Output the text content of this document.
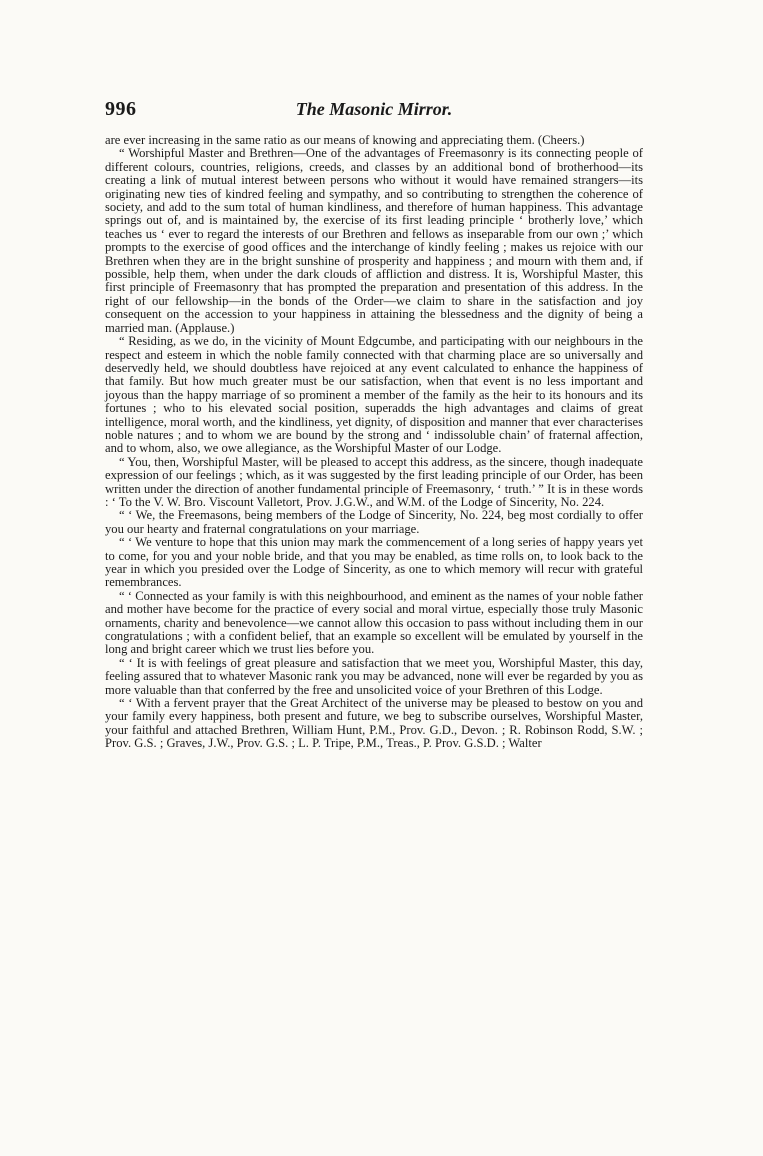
996	The Masonic Mirror.

are ever increasing in the same ratio as our means of knowing and appreciating them. (Cheers.)

“ Worshipful Master and Brethren—One of the advantages of Freemasonry is its connecting people of different colours, countries, religions, creeds, and classes by an additional bond of brotherhood—its creating a link of mutual interest between persons who without it would have remained strangers—its originating new ties of kindred feeling and sympathy, and so contributing to strengthen the coherence of society, and add to the sum total of human kindliness, and therefore of human happiness. This advantage springs out of, and is maintained by, the exercise of its first leading principle ‘ brotherly love,’ which teaches us ‘ ever to regard the interests of our Brethren and fellows as inseparable from our own ;’ which prompts to the exercise of good offices and the interchange of kindly feeling ; makes us rejoice with our Brethren when they are in the bright sunshine of prosperity and happiness ; and mourn with them and, if possible, help them, when under the dark clouds of affliction and distress. It is, Worshipful Master, this first principle of Freemasonry that has prompted the preparation and presentation of this address. In the right of our fellowship—in the bonds of the Order—we claim to share in the satisfaction and joy consequent on the accession to your happiness in attaining the blessedness and the dignity of being a married man. (Applause.)

“ Residing, as we do, in the vicinity of Mount Edgcumbe, and participating with our neighbours in the respect and esteem in which the noble family connected with that charming place are so universally and deservedly held, we should doubtless have rejoiced at any event calculated to enhance the happiness of that family. But how much greater must be our satisfaction, when that event is no less important and joyous than the happy marriage of so prominent a member of the family as the heir to its honours and its fortunes ; who to his elevated social position, superadds the high advantages and claims of great intelligence, moral worth, and the kindliness, yet dignity, of disposition and manner that ever characterises noble natures ; and to whom we are bound by the strong and ‘ indissoluble chain’ of fraternal affection, and to whom, also, we owe allegiance, as the Worshipful Master of our Lodge.

“ You, then, Worshipful Master, will be pleased to accept this address, as the sincere, though inadequate expression of our feelings ; which, as it was suggested by the first leading principle of our Order, has been written under the direction of another fundamental principle of Freemasonry, ‘ truth.’ ” It is in these words : ‘ To the V. W. Bro. Viscount Valletort, Prov. J.G.W., and W.M. of the Lodge of Sincerity, No. 224.

“ ‘ We, the Freemasons, being members of the Lodge of Sincerity, No. 224, beg most cordially to offer you our hearty and fraternal congratulations on your marriage.

“ ‘ We venture to hope that this union may mark the commencement of a long series of happy years yet to come, for you and your noble bride, and that you may be enabled, as time rolls on, to look back to the year in which you presided over the Lodge of Sincerity, as one to which memory will recur with grateful remembrances.

“ ‘ Connected as your family is with this neighbourhood, and eminent as the names of your noble father and mother have become for the practice of every social and moral virtue, especially those truly Masonic ornaments, charity and benevolence—we cannot allow this occasion to pass without including them in our congratulations ; with a confident belief, that an example so excellent will be emulated by yourself in the long and bright career which we trust lies before you.

“ ‘ It is with feelings of great pleasure and satisfaction that we meet you, Worshipful Master, this day, feeling assured that to whatever Masonic rank you may be advanced, none will ever be regarded by you as more valuable than that conferred by the free and unsolicited voice of your Brethren of this Lodge.

“ ‘ With a fervent prayer that the Great Architect of the universe may be pleased to bestow on you and your family every happiness, both present and future, we beg to subscribe ourselves, Worshipful Master, your faithful and attached Brethren, William Hunt, P.M., Prov. G.D., Devon. ; R. Robinson Rodd, S.W. ; Prov. G.S. ; Graves, J.W., Prov. G.S. ; L. P. Tripe, P.M., Treas., P. Prov. G.S.D. ; Walter
